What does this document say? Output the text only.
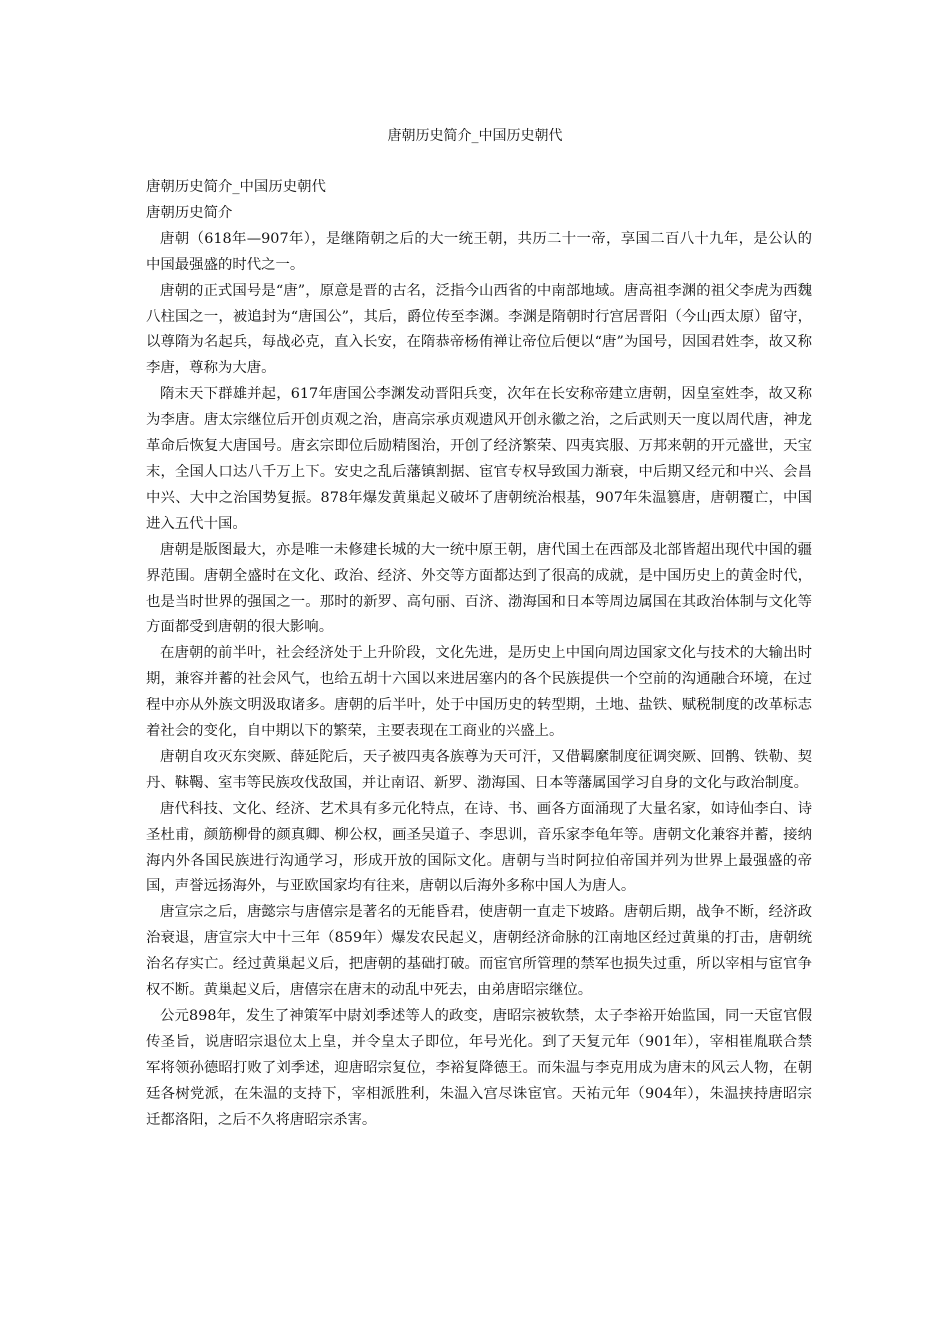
唐朝历史简介_中国历史朝代

唐朝历史简介_中国历史朝代

唐朝历史简介

唐朝（618年—907年），是继隋朝之后的大一统王朝，共历二十一帝，享国二百八十九年，是公认的中国最强盛的时代之一。

唐朝的正式国号是“唐”，原意是晋的古名，泛指今山西省的中南部地域。唐高祖李渊的祖父李虎为西魏八柱国之一，被追封为“唐国公”，其后，爵位传至李渊。李渊是隋朝时行宫居晋阳（今山西太原）留守，以尊隋为名起兵，每战必克，直入长安，在隋恭帝杨侑禅让帝位后便以“唐”为国号，因国君姓李，故又称李唐，尊称为大唐。

隋末天下群雄并起，617年唐国公李渊发动晋阳兵变，次年在长安称帝建立唐朝，因皇室姓李，故又称为李唐。唐太宗继位后开创贞观之治，唐高宗承贞观遗风开创永徽之治，之后武则天一度以周代唐，神龙革命后恢复大唐国号。唐玄宗即位后励精图治，开创了经济繁荣、四夷宾服、万邦来朝的开元盛世，天宝末，全国人口达八千万上下。安史之乱后藩镇割据、宦官专权导致国力渐衰，中后期又经元和中兴、会昌中兴、大中之治国势复振。878年爆发黄巢起义破坏了唐朝统治根基，907年朱温篡唐，唐朝覆亡，中国进入五代十国。

唐朝是版图最大，亦是唯一未修建长城的大一统中原王朝，唐代国土在西部及北部皆超出现代中国的疆界范围。唐朝全盛时在文化、政治、经济、外交等方面都达到了很高的成就，是中国历史上的黄金时代，也是当时世界的强国之一。那时的新罗、高句丽、百济、渤海国和日本等周边属国在其政治体制与文化等方面都受到唐朝的很大影响。

在唐朝的前半叶，社会经济处于上升阶段，文化先进，是历史上中国向周边国家文化与技术的大输出时期，兼容并蓄的社会风气，也给五胡十六国以来进居塞内的各个民族提供一个空前的沟通融合环境，在过程中亦从外族文明汲取诸多。唐朝的后半叶，处于中国历史的转型期，土地、盐铁、赋税制度的改革标志着社会的变化，自中期以下的繁荣，主要表现在工商业的兴盛上。

唐朝自攻灭东突厥、薛延陀后，天子被四夷各族尊为天可汗，又借羁縻制度征调突厥、回鹘、铁勒、契丹、靺鞨、室韦等民族攻伐敌国，并让南诏、新罗、渤海国、日本等藩属国学习自身的文化与政治制度。

唐代科技、文化、经济、艺术具有多元化特点，在诗、书、画各方面涌现了大量名家，如诗仙李白、诗圣杜甫，颜筋柳骨的颜真卿、柳公权，画圣吴道子、李思训，音乐家李龟年等。唐朝文化兼容并蓄，接纳海内外各国民族进行沟通学习，形成开放的国际文化。唐朝与当时阿拉伯帝国并列为世界上最强盛的帝国，声誉远扬海外，与亚欧国家均有往来，唐朝以后海外多称中国人为唐人。

唐宣宗之后，唐懿宗与唐僖宗是著名的无能昏君，使唐朝一直走下坡路。唐朝后期，战争不断，经济政治衰退，唐宣宗大中十三年（859年）爆发农民起义，唐朝经济命脉的江南地区经过黄巢的打击，唐朝统治名存实亡。经过黄巢起义后，把唐朝的基础打破。而宦官所管理的禁军也损失过重，所以宰相与宦官争权不断。黄巢起义后，唐僖宗在唐末的动乱中死去，由弟唐昭宗继位。

公元898年，发生了神策军中尉刘季述等人的政变，唐昭宗被软禁，太子李裕开始监国，同一天宦官假传圣旨，说唐昭宗退位太上皇，并令皇太子即位，年号光化。到了天复元年（901年），宰相崔胤联合禁军将领孙德昭打败了刘季述，迎唐昭宗复位，李裕复降德王。而朱温与李克用成为唐末的风云人物，在朝廷各树党派，在朱温的支持下，宰相派胜利，朱温入宫尽诛宦官。天祐元年（904年），朱温挟持唐昭宗迁都洛阳，之后不久将唐昭宗杀害。
